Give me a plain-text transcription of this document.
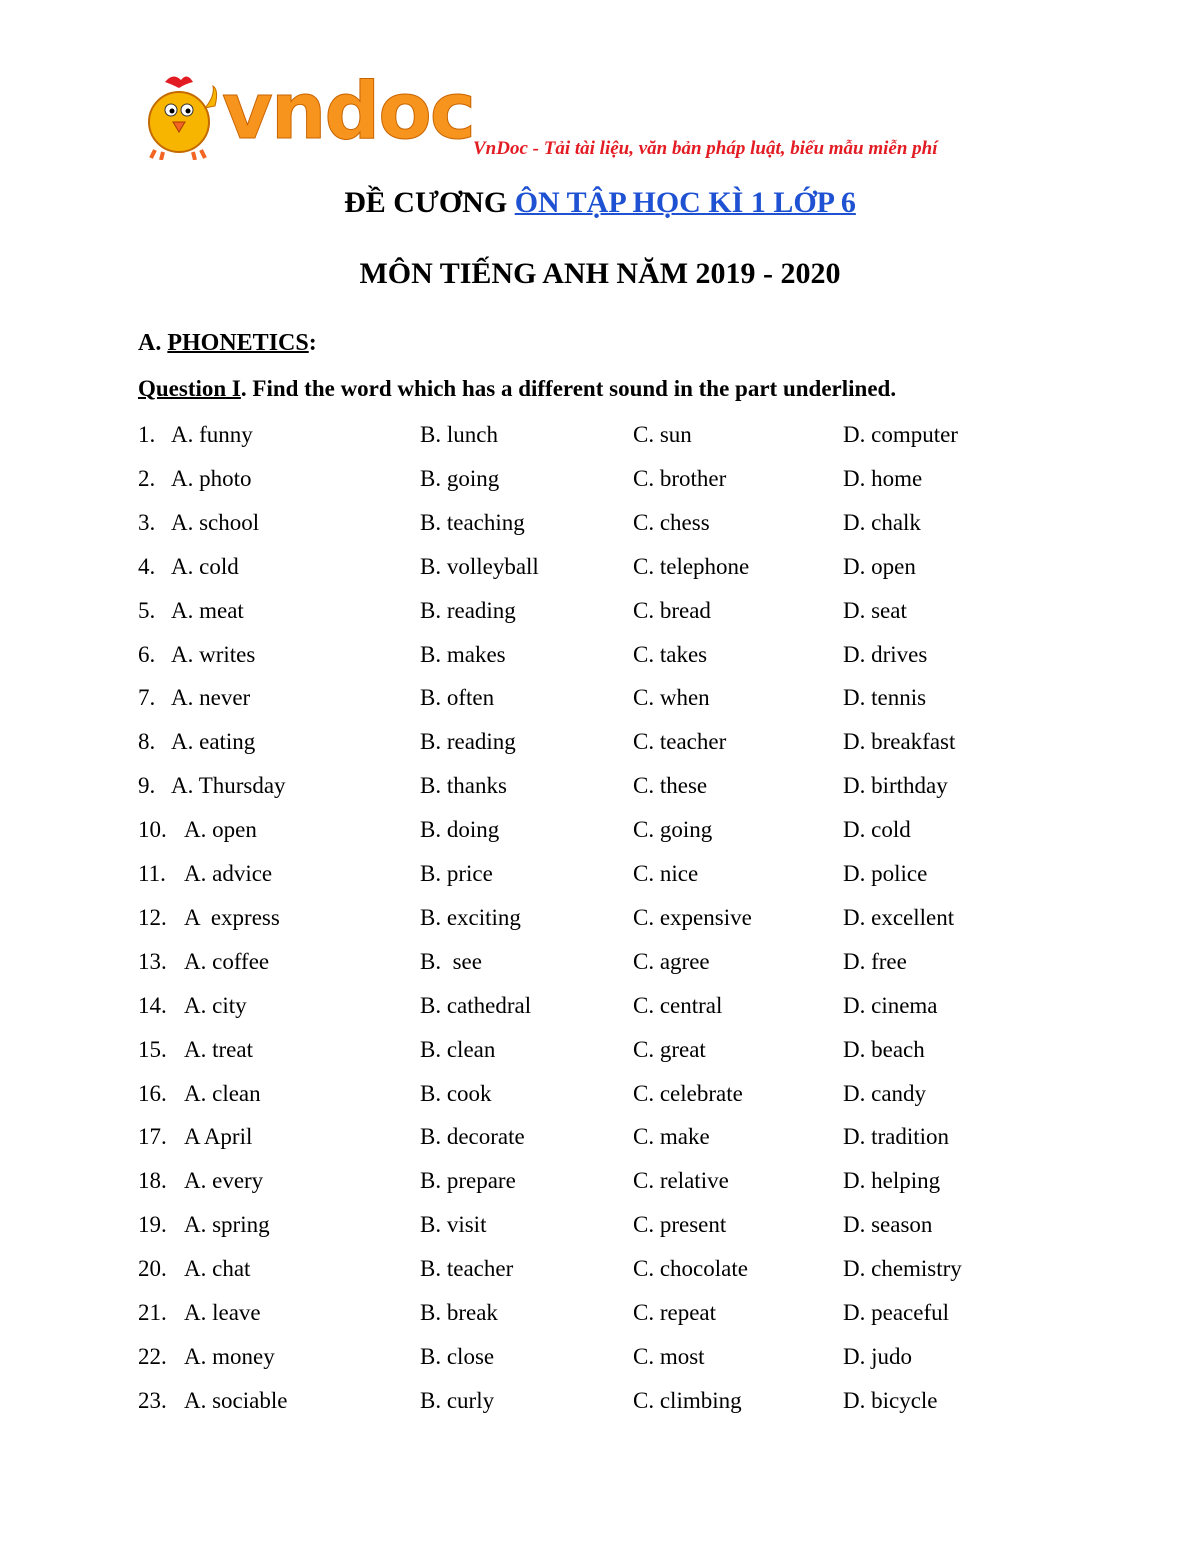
vndoc
VnDoc - Tải tài liệu, văn bản pháp luật, biểu mẫu miễn phí
ĐỀ CƯƠNG ÔN TẬP HỌC KÌ 1 LỚP 6
MÔN TIẾNG ANH NĂM 2019 - 2020
A. PHONETICS:
Question I. Find the word which has a different sound in the part underlined.
1. A. funny	B. lunch	C. sun	D. computer
2. A. photo	B. going	C. brother	D. home
3. A. school	B. teaching	C. chess	D. chalk
4. A. cold	B. volleyball	C. telephone	D. open
5. A. meat	B. reading	C. bread	D. seat
6. A. writes	B. makes	C. takes	D. drives
7. A. never	B. often	C. when	D. tennis
8. A. eating	B. reading	C. teacher	D. breakfast
9. A. Thursday	B. thanks	C. these	D. birthday
10. A. open	B. doing	C. going	D. cold
11. A. advice	B. price	C. nice	D. police
12. A  express	B. exciting	C. expensive	D. excellent
13. A. coffee	B.  see	C. agree	D. free
14. A. city	B. cathedral	C. central	D. cinema
15. A. treat	B. clean	C. great	D. beach
16. A. clean	B. cook	C. celebrate	D. candy
17. A April	B. decorate	C. make	D. tradition
18. A. every	B. prepare	C. relative	D. helping
19. A. spring	B. visit	C. present	D. season
20. A. chat	B. teacher	C. chocolate	D. chemistry
21. A. leave	B. break	C. repeat	D. peaceful
22. A. money	B. close	C. most	D. judo
23. A. sociable	B. curly	C. climbing	D. bicycle
